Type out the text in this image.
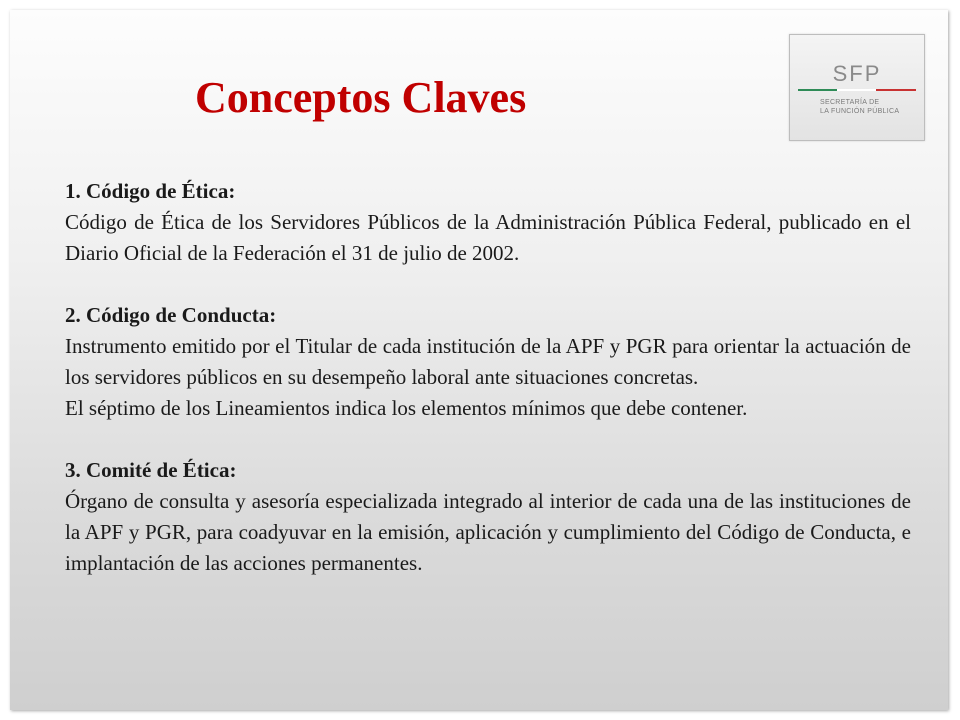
Conceptos Claves	SFP
SECRETARÍA DE
LA FUNCIÓN PÚBLICA

1. Código de Ética:

Código de Ética de los Servidores Públicos de la Administración Pública Federal, publicado en el Diario Oficial de la Federación el 31 de julio de 2002.

2. Código de Conducta:

Instrumento emitido por el Titular de cada institución de la APF y PGR para orientar la actuación de los servidores públicos en su desempeño laboral ante situaciones concretas.

El séptimo de los Lineamientos indica los elementos mínimos que debe contener.

3. Comité de Ética:

Órgano de consulta y asesoría especializada integrado al interior de cada una de las instituciones de la APF y PGR, para coadyuvar en la emisión, aplicación y cumplimiento del Código de Conducta, e implantación de las acciones permanentes.
